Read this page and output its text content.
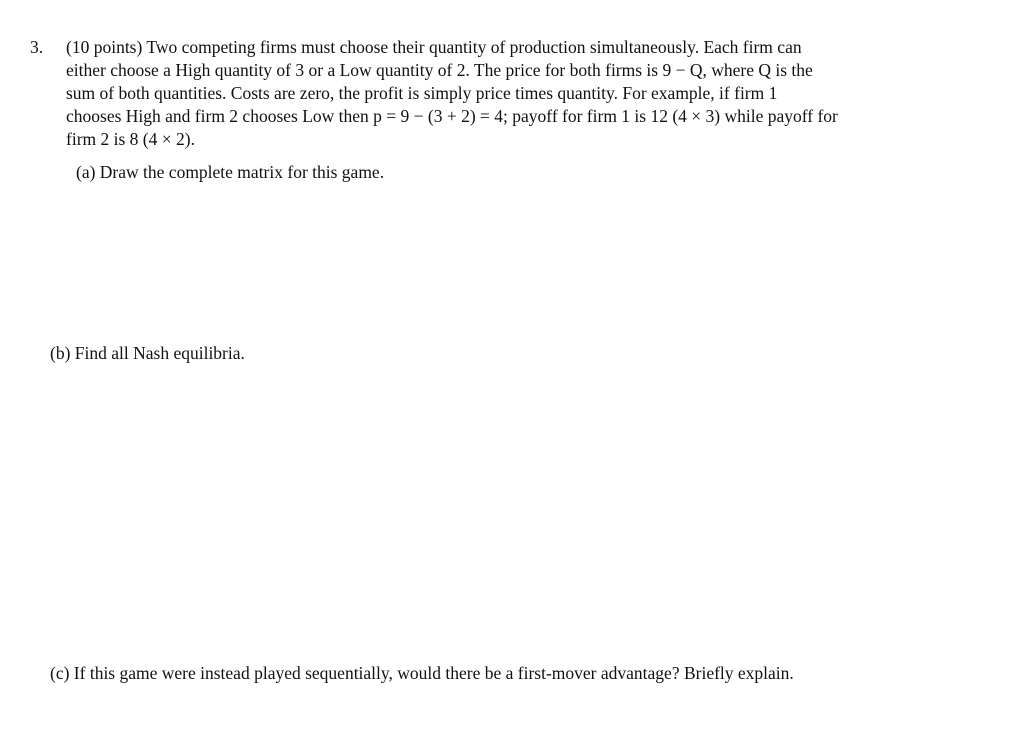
3. (10 points) Two competing firms must choose their quantity of production simultaneously. Each firm can
either choose a High quantity of 3 or a Low quantity of 2. The price for both firms is 9 − Q, where Q is the
sum of both quantities. Costs are zero, the profit is simply price times quantity. For example, if firm 1
chooses High and firm 2 chooses Low then p = 9 − (3 + 2) = 4; payoff for firm 1 is 12 (4 × 3) while payoff for
firm 2 is 8 (4 × 2).
(a) Draw the complete matrix for this game.
(b) Find all Nash equilibria.
(c) If this game were instead played sequentially, would there be a first-mover advantage? Briefly explain.
